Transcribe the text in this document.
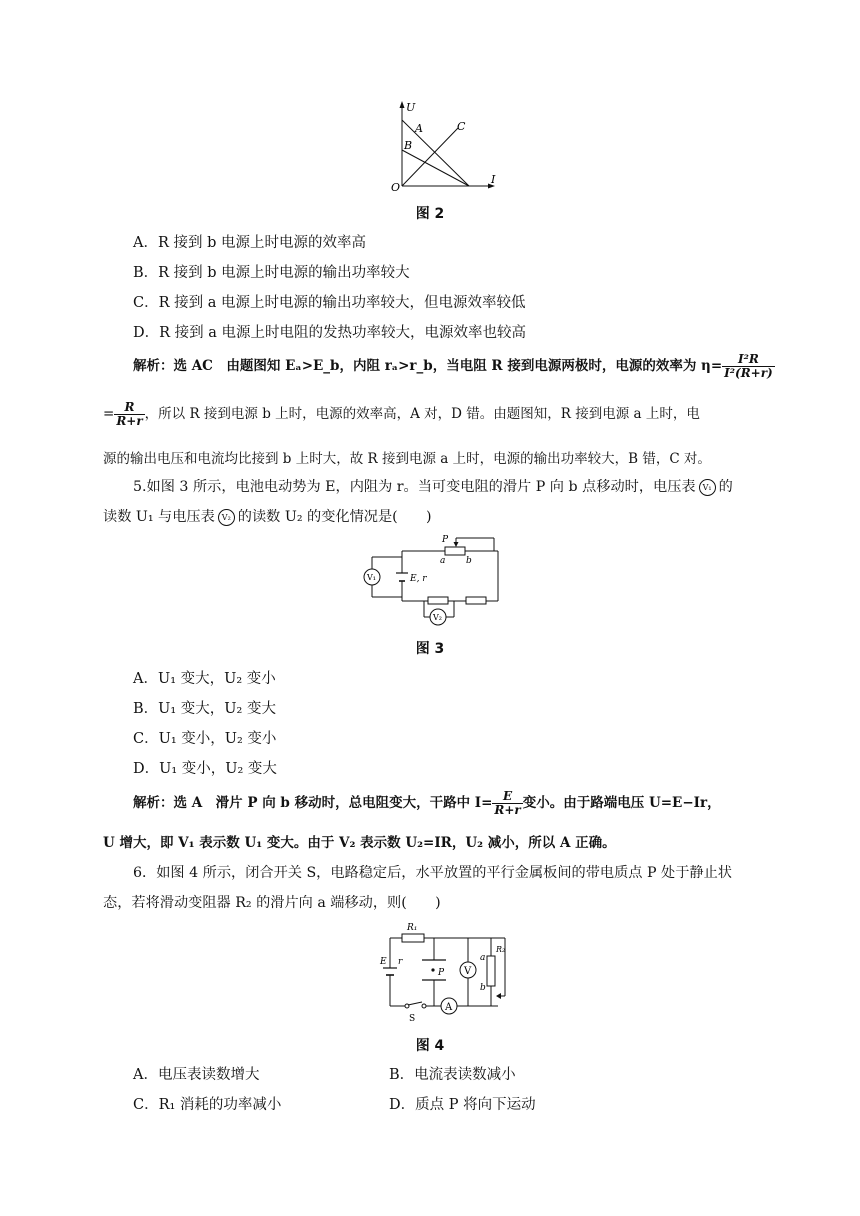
U
I
O
A
B
C
图 2
A．R 接到 b 电源上时电源的效率高
B．R 接到 b 电源上时电源的输出功率较大
C．R 接到 a 电源上时电源的输出功率较大，但电源效率较低
D．R 接到 a 电源上时电阻的发热功率较大，电源效率也较高
解析：选 AC　由题图知 Eₐ>E_b，内阻 rₐ>r_b，当电阻 R 接到电源两极时，电源的效率为 $\eta= \frac{\text{I²R}}{\text{I²(R+r)}}$
= $\frac{R}{R+r}$ ，所以 R 接到电源 b 上时，电源的效率高，A 对，D 错。由题图知，R 接到电源 a 上时，电
源的输出电压和电流均比接到 b 上时大，故 R 接到电源 a 上时，电源的输出功率较大，B 错，C 对。
5.如图 3 所示，电池电动势为 E，内阻为 r。当可变电阻的滑片 P 向 b 点移动时，电压表 V₁ 的
读数 U₁ 与电压表 V₂ 的读数 U₂ 的变化情况是(　　)
V₁
V₂
P
a b
E, r
图 3
A．U₁ 变大，U₂ 变小
B．U₁ 变大，U₂ 变大
C．U₁ 变小，U₂ 变小
D．U₁ 变小，U₂ 变大
解析：选 A　滑片 P 向 b 移动时，总电阻变大，干路中 $I= \frac{E}{R+r}$ 变小。由于路端电压 U=E−Ir，
U 增大，即 V₁ 表示数 U₁ 变大。由于 V₂ 表示数 U₂=IR，U₂ 减小，所以 A 正确。
6．如图 4 所示，闭合开关 S，电路稳定后，水平放置的平行金属板间的带电质点 P 处于静止状
态，若将滑动变阻器 R₂ 的滑片向 a 端移动，则(　　)
A
P V
R₁
E r	a
b
R₂
S
图 4
A．电压表读数增大	B．电流表读数减小
C．R₁ 消耗的功率减小	D．质点 P 将向下运动
